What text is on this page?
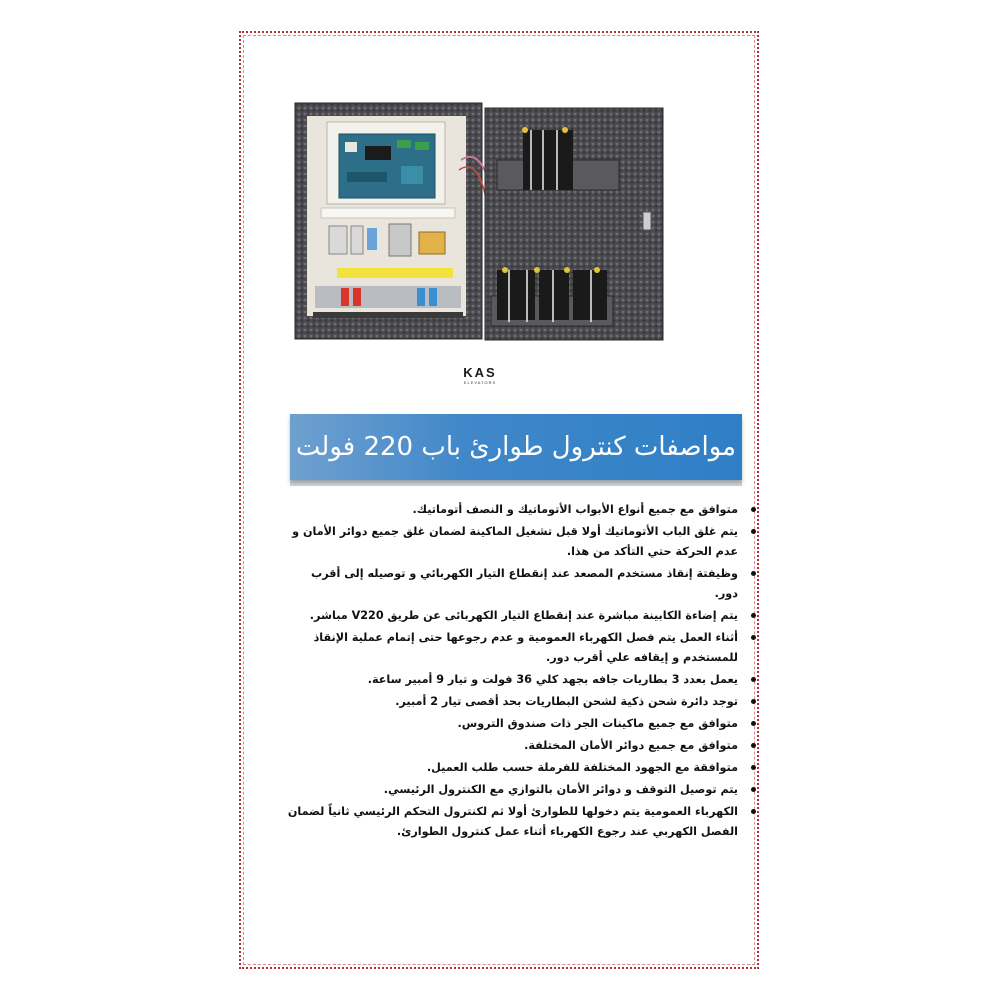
KAS
ELEVATORS
مواصفات كنترول طوارئ باب 220 فولت
متوافق مع جميع أنواع الأبواب الأتوماتيك و النصف أتوماتيك.
يتم غلق الباب الأتوماتيك أولا قبل تشغيل الماكينة لضمان غلق جميع دوائر الأمان و عدم الحركة حتي التأكد من هذا.
وظيفتة إنقاذ مستخدم المصعد عند إنقطاع التيار الكهربائي و توصيله إلى أقرب دور.
يتم إضاءة الكابينة مباشرة عند إنقطاع التيار الكهربائى عن طريق V220 مباشر.
أثناء العمل يتم فصل الكهرباء العمومية و عدم رجوعها حتى إتمام عملية الإنقاذ للمستخدم و إيقافه علي أقرب دور.
يعمل بعدد 3 بطاريات جافه بجهد كلي 36 فولت و تيار 9 أمبير ساعة.
توجد دائرة شحن ذكية لشحن البطاريات بحد أقصى تيار 2 أمبير.
متوافق مع جميع ماكينات الجر ذات صندوق التروس.
متوافق مع جميع دوائر الأمان المختلفة.
متوافقة مع الجهود المختلفة للفرملة حسب طلب العميل.
يتم توصيل التوقف و دوائر الأمان بالتوازي مع الكنترول الرئيسي.
الكهرباء العمومية يتم دخولها للطوارئ أولا ثم لكنترول التحكم الرئيسي ثانياً لضمان الفصل الكهربي عند رجوع الكهرباء أثناء عمل كنترول الطوارئ.
